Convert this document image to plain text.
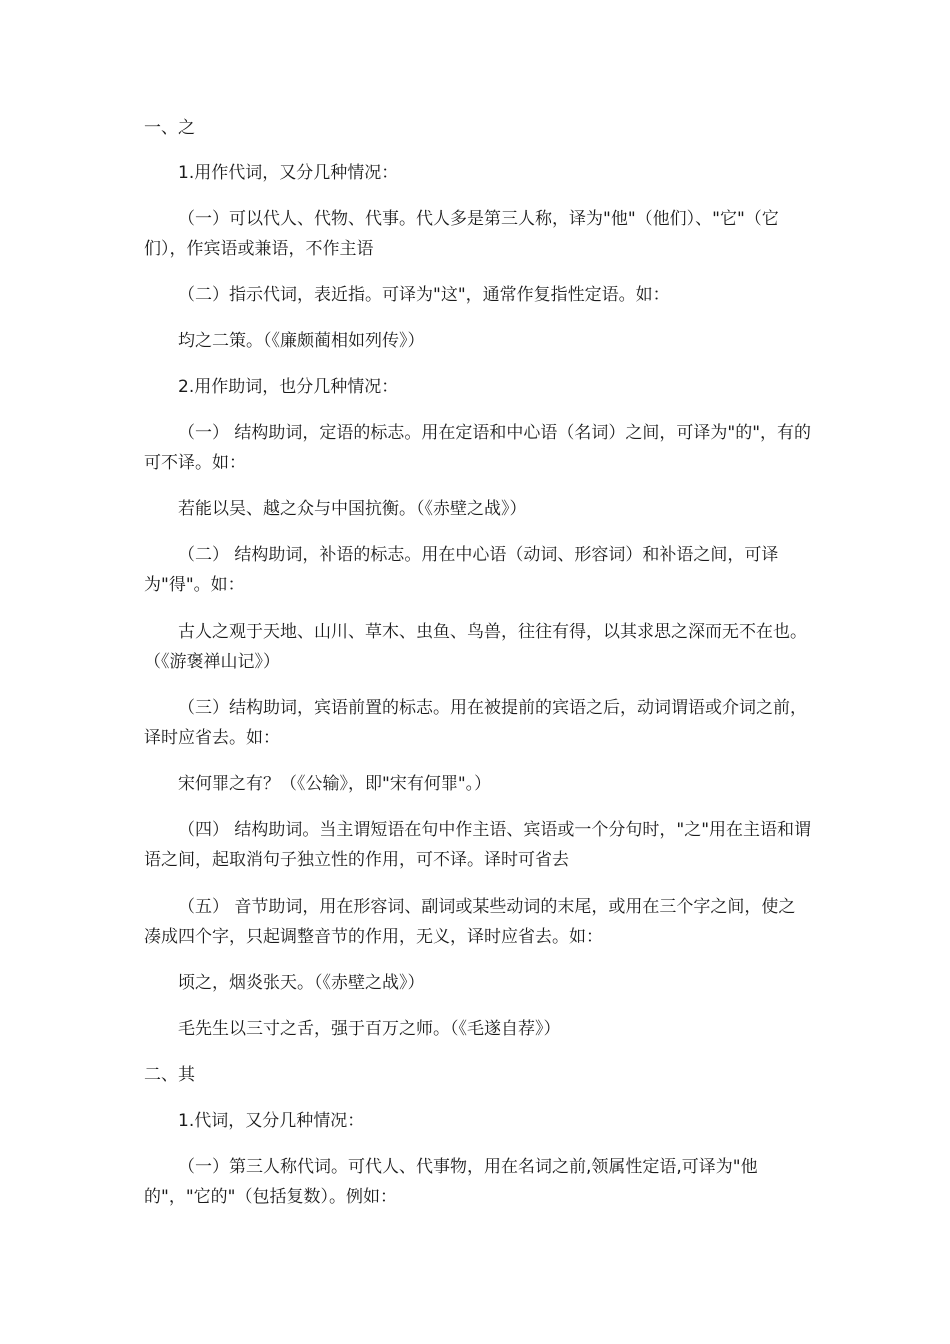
一、之

1.用作代词，又分几种情况：

（一）可以代人、代物、代事。代人多是第三人称，译为"他"（他们）、"它"（它们），作宾语或兼语，不作主语

（二）指示代词，表近指。可译为"这"，通常作复指性定语。如：

均之二策。（《廉颇蔺相如列传》）

2.用作助词，也分几种情况：

（一） 结构助词，定语的标志。用在定语和中心语（名词）之间，可译为"的"，有的可不译。如：

若能以吴、越之众与中国抗衡。（《赤壁之战》）

（二） 结构助词，补语的标志。用在中心语（动词、形容词）和补语之间，可译为"得"。如：

古人之观于天地、山川、草木、虫鱼、鸟兽，往往有得，以其求思之深而无不在也。（《游褒禅山记》）

（三）结构助词，宾语前置的标志。用在被提前的宾语之后，动词谓语或介词之前，译时应省去。如：

宋何罪之有？（《公输》，即"宋有何罪"。）

（四） 结构助词。当主谓短语在句中作主语、宾语或一个分句时，"之"用在主语和谓语之间，起取消句子独立性的作用，可不译。译时可省去

（五） 音节助词，用在形容词、副词或某些动词的末尾，或用在三个字之间，使之凑成四个字，只起调整音节的作用，无义，译时应省去。如：

顷之，烟炎张天。（《赤壁之战》）

毛先生以三寸之舌，强于百万之师。（《毛遂自荐》）

二、其

1.代词，又分几种情况：

（一）第三人称代词。可代人、代事物，用在名词之前,领属性定语,可译为"他的"，"它的"（包括复数）。例如：
